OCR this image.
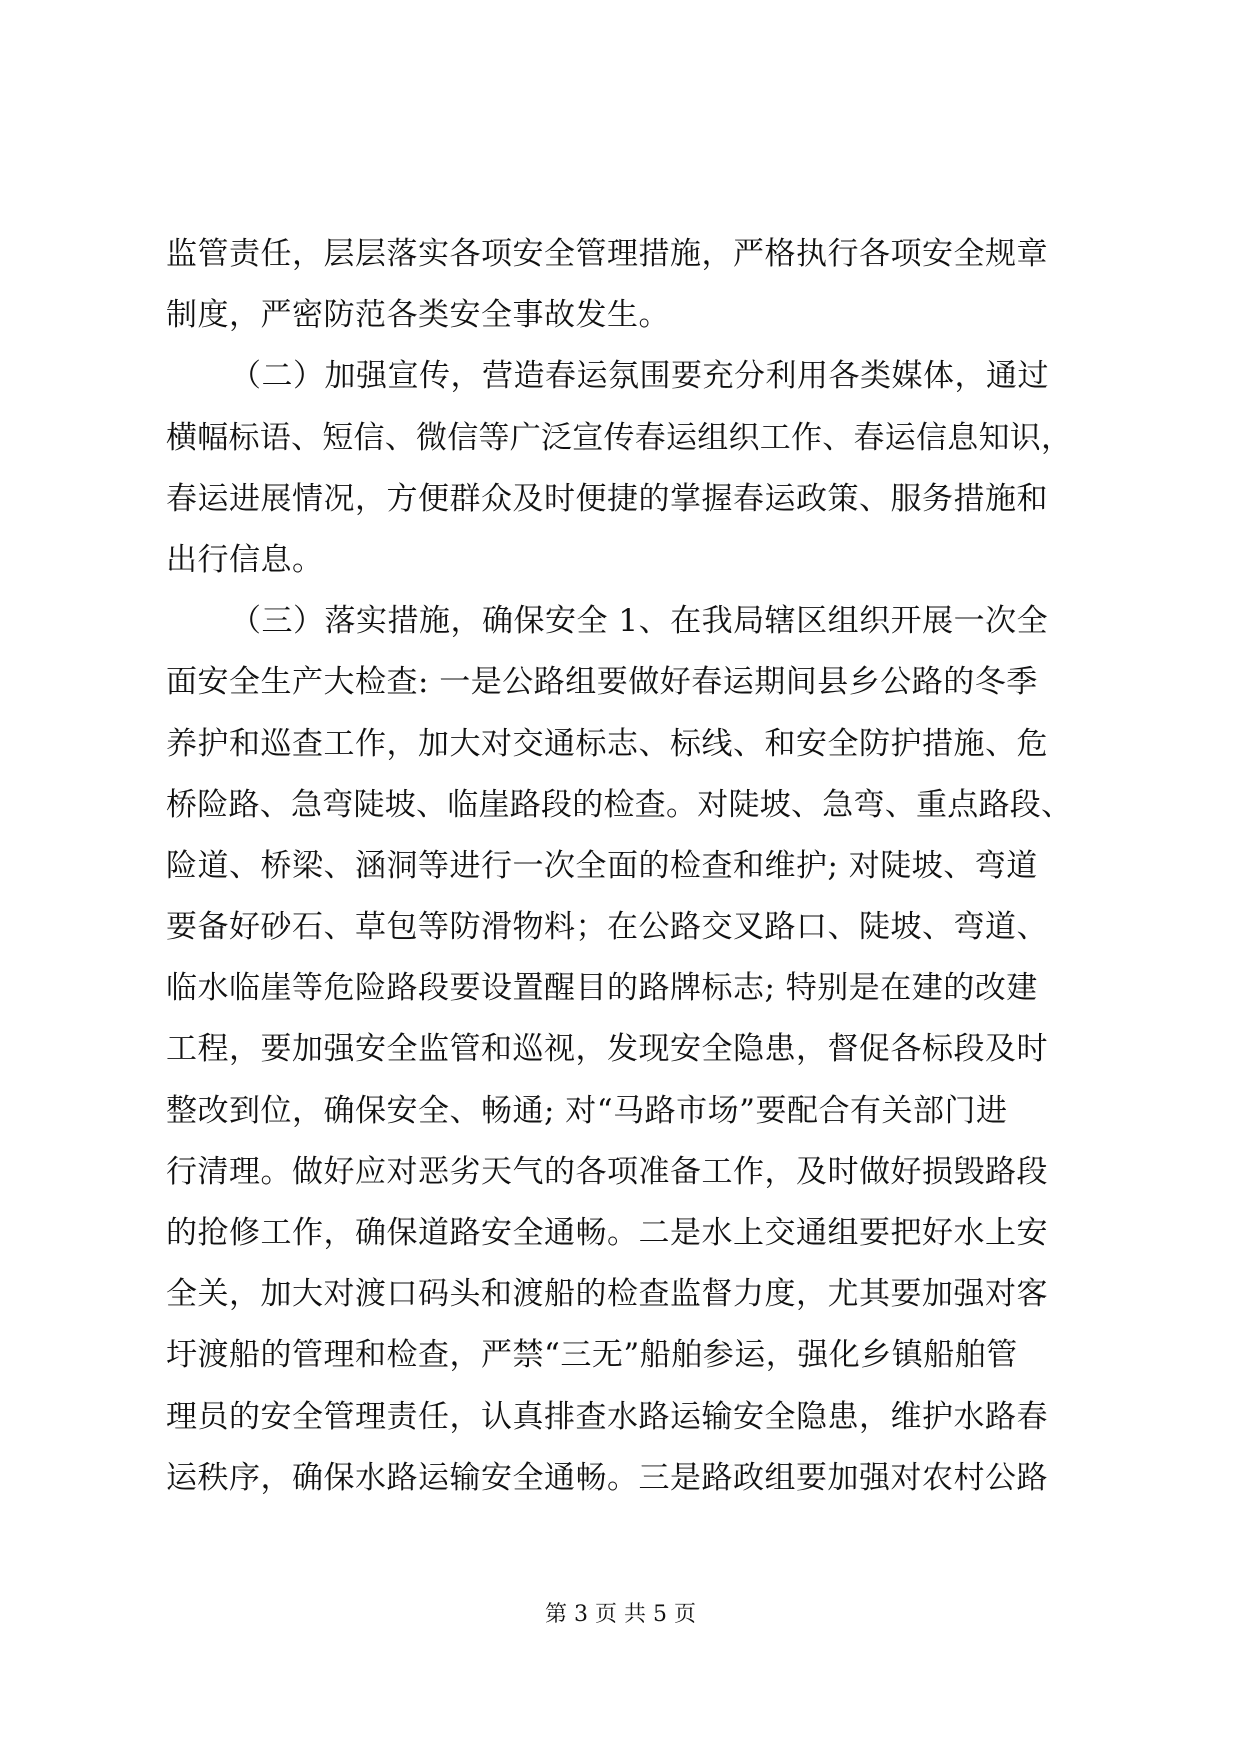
监管责任，层层落实各项安全管理措施，严格执行各项安全规章
制度，严密防范各类安全事故发生。
（二）加强宣传，营造春运氛围要充分利用各类媒体，通过
横幅标语、短信、微信等广泛宣传春运组织工作、春运信息知识，
春运进展情况，方便群众及时便捷的掌握春运政策、服务措施和
出行信息。
（三）落实措施，确保安全 1、在我局辖区组织开展一次全
面安全生产大检查: 一是公路组要做好春运期间县乡公路的冬季
养护和巡查工作，加大对交通标志、标线、和安全防护措施、危
桥险路、急弯陡坡、临崖路段的检查。对陡坡、急弯、重点路段、
险道、桥梁、涵洞等进行一次全面的检查和维护; 对陡坡、弯道
要备好砂石、草包等防滑物料；在公路交叉路口、陡坡、弯道、
临水临崖等危险路段要设置醒目的路牌标志; 特别是在建的改建
工程，要加强安全监管和巡视，发现安全隐患，督促各标段及时
整改到位，确保安全、畅通; 对“马路市场”要配合有关部门进
行清理。做好应对恶劣天气的各项准备工作，及时做好损毁路段
的抢修工作，确保道路安全通畅。二是水上交通组要把好水上安
全关，加大对渡口码头和渡船的检查监督力度，尤其要加强对客
圩渡船的管理和检查，严禁“三无”船舶参运，强化乡镇船舶管
理员的安全管理责任，认真排查水路运输安全隐患，维护水路春
运秩序，确保水路运输安全通畅。三是路政组要加强对农村公路
第 3 页 共 5 页
